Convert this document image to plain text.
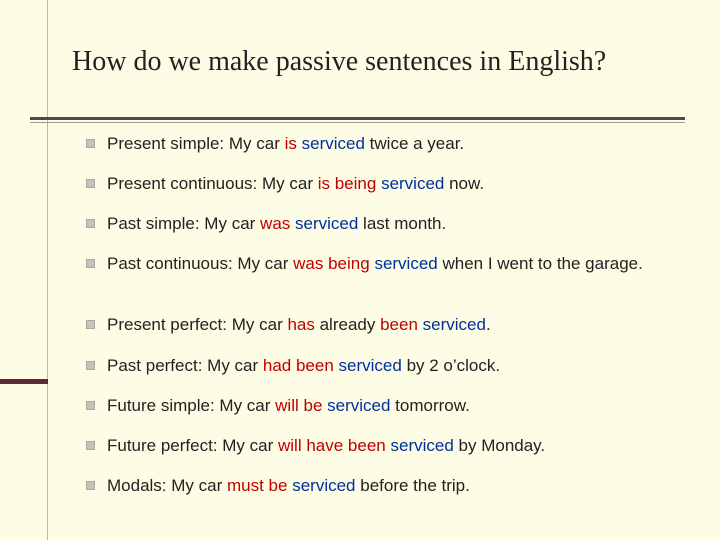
How do we make passive sentences in English?
Present simple: My car is serviced twice a year.
Present continuous: My car is being serviced now.
Past simple: My car was serviced last month.
Past continuous: My car was being serviced when I went to the garage.
Present perfect: My car has already been serviced.
Past perfect: My car had been serviced by 2 o’clock.
Future simple: My car will be serviced tomorrow.
Future perfect: My car will have been serviced by Monday.
Modals: My car must be serviced before the trip.
